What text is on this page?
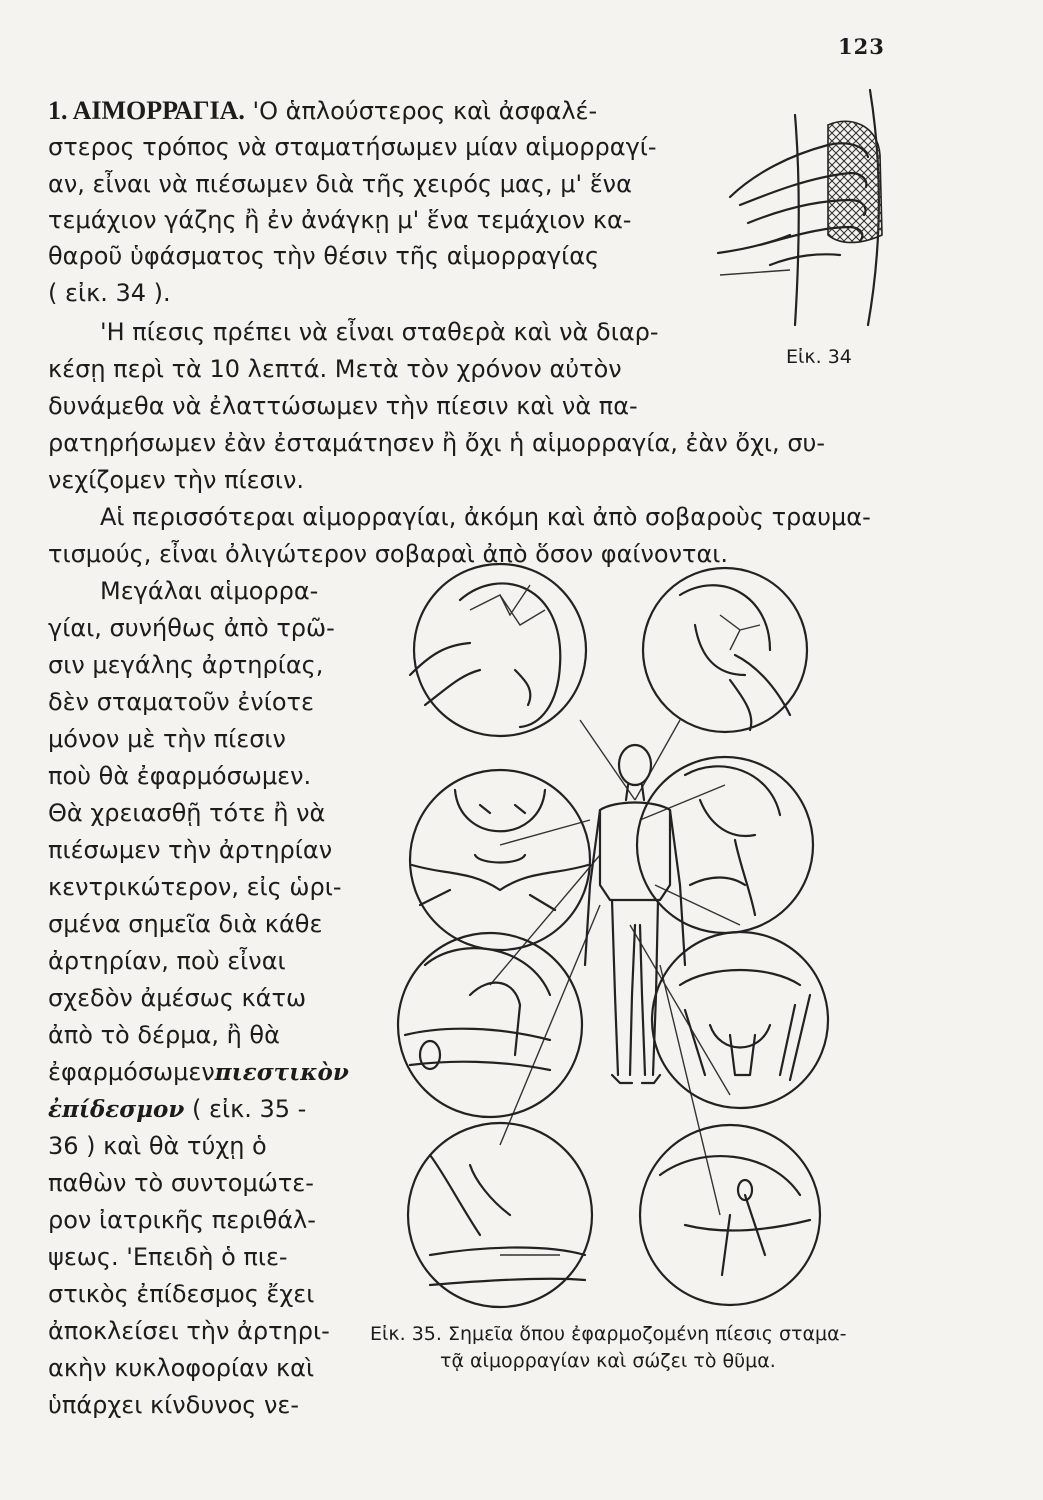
123
1. ΑΙΜΟΡΡΑΓΙΑ. 'Ο ἁπλούστερος καὶ ἀσφαλέ-
στερος τρόπος νὰ σταματήσωμεν μίαν αἱμορραγί-
αν, εἶναι νὰ πιέσωμεν διὰ τῆς χειρός μας, μ' ἕνα
τεμάχιον γάζης ἢ ἐν ἀνάγκῃ μ' ἕνα τεμάχιον κα-
θαροῦ ὑφάσματος τὴν θέσιν τῆς αἱμορραγίας
( εἰκ. 34 ).
'Η πίεσις πρέπει νὰ εἶναι σταθερὰ καὶ νὰ διαρ-
κέσῃ περὶ τὰ 10 λεπτά. Μετὰ τὸν χρόνον αὐτὸν
δυνάμεθα νὰ ἐλαττώσωμεν τὴν πίεσιν καὶ νὰ πα-
ρατηρήσωμεν ἐὰν ἐσταμάτησεν ἢ ὄχι ἡ αἱμορραγία, ἐὰν ὄχι, συ-
νεχίζομεν τὴν πίεσιν.
Αἱ περισσότεραι αἱμορραγίαι, ἀκόμη καὶ ἀπὸ σοβαροὺς τραυμα-
τισμούς, εἶναι ὀλιγώτερον σοβαραὶ ἀπὸ ὅσον φαίνονται.
Μεγάλαι αἱμορρα-
γίαι, συνήθως ἀπὸ τρῶ-
σιν μεγάλης ἀρτηρίας,
δὲν σταματοῦν ἐνίοτε
μόνον μὲ τὴν πίεσιν
ποὺ θὰ ἐφαρμόσωμεν.
Θὰ χρειασθῇ τότε ἢ νὰ
πιέσωμεν τὴν ἀρτηρίαν
κεντρικώτερον, εἰς ὡρι-
σμένα σημεῖα διὰ κάθε
ἀρτηρίαν, ποὺ εἶναι
σχεδὸν ἀμέσως κάτω
ἀπὸ τὸ δέρμα, ἢ θὰ
ἐφαρμόσωμενπιεστικὸν
ἐπίδεσμον ( εἰκ. 35 -
36 ) καὶ θὰ τύχῃ ὁ
παθὼν τὸ συντομώτε-
ρον ἰατρικῆς περιθάλ-
ψεως. 'Επειδὴ ὁ πιε-
στικὸς ἐπίδεσμος ἔχει
ἀποκλείσει τὴν ἀρτηρι-
ακὴν κυκλοφορίαν καὶ
ὑπάρχει κίνδυνος νε-
Εἰκ. 34
Εἰκ. 35. Σημεῖα ὅπου ἐφαρμοζομένη πίεσις σταμα-
τᾷ αἱμορραγίαν καὶ σώζει τὸ θῦμα.
